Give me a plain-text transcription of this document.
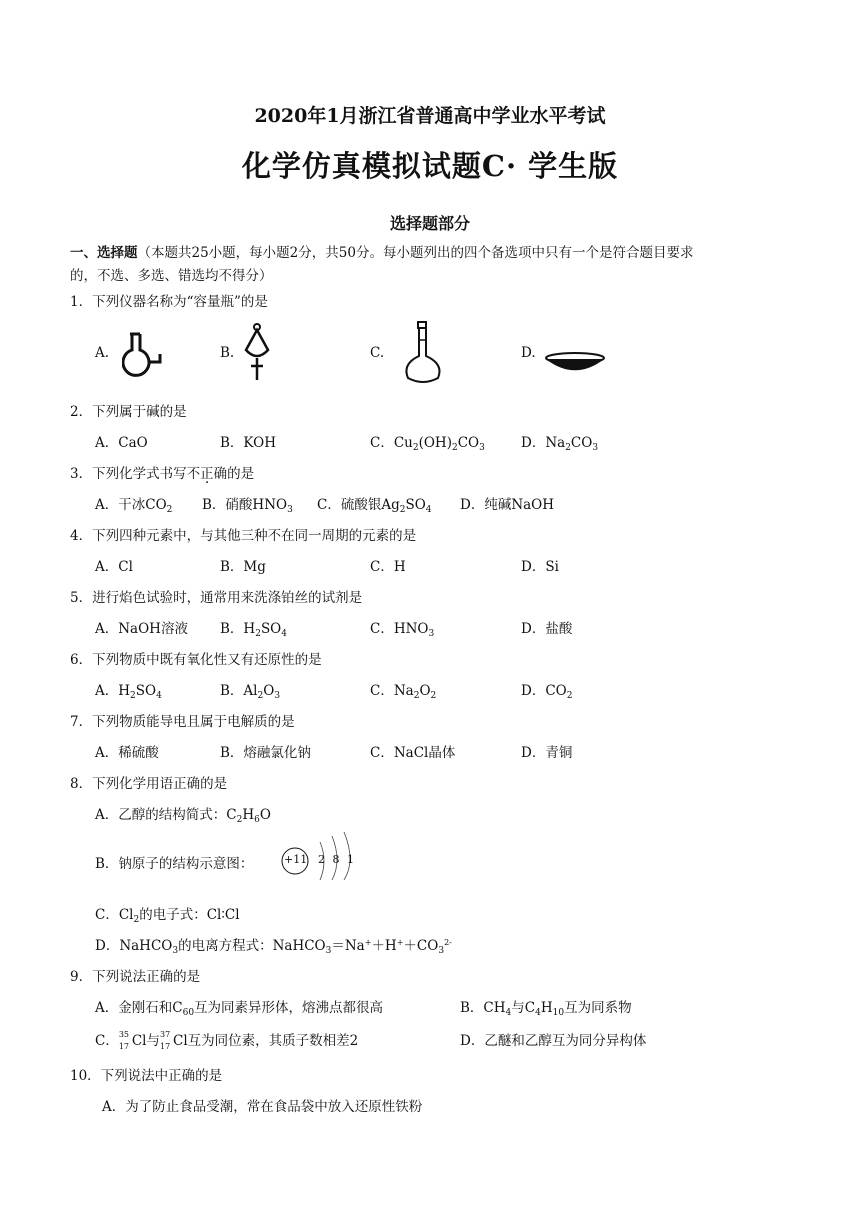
2020年1月浙江省普通高中学业水平考试
化学仿真模拟试题C· 学生版
选择题部分
一、选择题（本题共25小题，每小题2分，共50分。每小题列出的四个备选项中只有一个是符合题目要求
的，不选、多选、错选均不得分）
1．下列仪器名称为“容量瓶”的是
A.	B.	C.	D.
2．下列属于碱的是
A．CaO	B．KOH	C．$Cu_2(OH)_2CO_3$	D．$Na_2CO_3$
3．下列化学式书写不正确的是
A．干冰$CO_2$ B．硝酸$HNO_3$ C．硫酸银$Ag_2SO_4$ D．纯碱NaOH
4．下列四种元素中，与其他三种不在同一周期的元素的是
A．Cl	B．Mg	C．H	D．Si
5．进行焰色试验时，通常用来洗涤铂丝的试剂是
A．NaOH溶液 B．$H_2SO_4$	C．$HNO_3$	D．盐酸
6．下列物质中既有氧化性又有还原性的是
A．$H_2SO_4$	B．$Al_2O_3$	C．$Na_2O_2$	D．$CO_2$
7．下列物质能导电且属于电解质的是
A．稀硫酸	B．熔融氯化钠	C．NaCl晶体	D．青铜
8．下列化学用语正确的是
A．乙醇的结构简式：$C_2H_6O$
B．钠原子的结构示意图：	+11 2 8 1
C．$Cl_2$的电子式：Cl∶Cl
D．NaHCO$_3$的电离方程式：$NaHCO_3=Na^++H^++CO_3^{2-}$
9．下列说法正确的是
A．金刚石和$C_{60}$互为同素异形体，熔沸点都很高	B．$CH_4$与$C_4H_{10}$互为同系物
C． 35
17 Cl与 37
17 Cl互为同位素，其质子数相差2	D．乙醚和乙醇互为同分异构体
10．下列说法中正确的是
A．为了防止食品受潮，常在食品袋中放入还原性铁粉
